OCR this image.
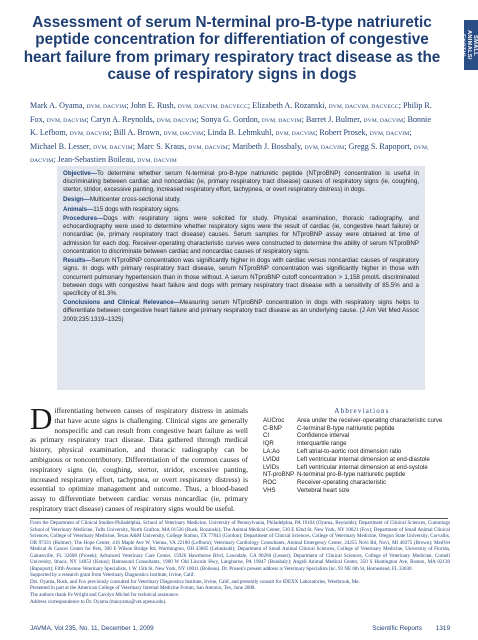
Assessment of serum N-terminal pro-B-type natriuretic peptide concentration for differentiation of congestive heart failure from primary respiratory tract disease as the cause of respiratory signs in dogs
SMALL ANIMALS/ EXOTIC
Mark A. Oyama, DVM, DACVIM; John E. Rush, DVM, DACVIM, DACVECC; Elizabeth A. Rozanski, DVM, DACVIM, DACVECC; Philip R. Fox, DVM, DACVIM; Caryn A. Reynolds, DVM, DACVIM; Sonya G. Gordon, DVM, DACVIM; Barret J. Bulmer, DVM, DACVIM; Bonnie K. Lefbom, DVM, DACVIM; Bill A. Brown, DVM, DACVIM; Linda B. Lehmkuhl, DVM, DACVIM; Robert Prosek, DVM, DACVIM; Michael B. Lesser, DVM, DACVIM; Marc S. Kraus, DVM, DACVIM; Maribeth J. Bossbaly, DVM, DACVIM; Gregg S. Rapoport, DVM, DACVIM; Jean-Sebastien Boileau, DVM, DACVIM

Objective—To determine whether serum N-terminal pro-B-type natriuretic peptide (NTproBNP) concentration is useful in discriminating between cardiac and noncardiac (ie, primary respiratory tract disease) causes of respiratory signs (ie, coughing, stertor, stridor, excessive panting, increased respiratory effort, tachypnea, or overt respiratory distress) in dogs.

Design—Multicenter cross-sectional study.

Animals—115 dogs with respiratory signs.

Procedures—Dogs with respiratory signs were solicited for study. Physical examination, thoracic radiography, and echocardiography were used to determine whether respiratory signs were the result of cardiac (ie, congestive heart failure) or noncardiac (ie, primary respiratory tract disease) causes. Serum samples for NTproBNP assay were obtained at time of admission for each dog. Receiver-operating characteristic curves were constructed to determine the ability of serum NTproBNP concentration to discriminate between cardiac and noncardiac causes of respiratory signs.

Results—Serum NTproBNP concentration was significantly higher in dogs with cardiac versus noncardiac causes of respiratory signs. In dogs with primary respiratory tract disease, serum NTproBNP concentration was significantly higher in those with concurrent pulmonary hypertension than in those without. A serum NTproBNP cutoff concentration > 1,158 pmol/L discriminated between dogs with congestive heart failure and dogs with primary respiratory tract disease with a sensitivity of 85.5% and a specificity of 81.3%.

Conclusions and Clinical Relevance—Measuring serum NTproBNP concentration in dogs with respiratory signs helps to differentiate between congestive heart failure and primary respiratory tract disease as an underlying cause. (J Am Vet Med Assoc 2009;235:1319–1325)

Differentiating between causes of respiratory distress in animals that have acute signs is challenging. Clinical signs are generally nonspecific and can result from congestive heart failure as well as primary respiratory tract disease. Data gathered through medical history, physical examination, and thoracic radiography can be ambiguous or noncontributory. Differentiation of the common causes of respiratory signs (ie, coughing, stertor, stridor, excessive panting, increased respiratory effort, tachypnea, or overt respiratory distress) is essential to optimize management and outcome. Thus, a blood-based assay to differentiate between cardiac versus noncardiac (ie, primary respiratory tract disease) causes of respiratory signs would be useful.
Abbreviations
AUCroc	Area under the receiver-operating characteristic curve
C-BNP	C-terminal B-type natriuretic peptide
CI	Confidence interval
IQR	Interquartile range
LA:Ao	Left atrial-to-aortic root dimension ratio
LVIDd	Left ventricular internal dimension at end-diastole
LVIDs	Left ventricular internal dimension at end-systole
NT-proBNP N-terminal pro-B-type natriuretic peptide
ROC	Receiver-operating characteristic
VHS	Vertebral heart size
From the Department of Clinical Studies-Philadelphia, School of Veterinary Medicine, University of Pennsylvania, Philadelphia, PA 19104 (Oyama, Reynolds); Department of Clinical Sciences, Cummings School of Veterinary Medicine, Tufts University, North Grafton, MA 01536 (Rush, Rozanski); The Animal Medical Center, 510 E 62nd St, New York, NY 10021 (Fox); Department of Small Animal Clinical Sciences, College of Veterinary Medicine, Texas A&M University, College Station, TX 77843 (Gordon); Department of Clinical Sciences, College of Veterinary Medicine, Oregon State University, Corvallis, OR 97331 (Bulmer); The Hope Center, 416 Maple Ave W, Vienna, VA 22180 (Lefbom); Veterinary Cardiology Consultants, Animal Emergency Center, 24255 Novi Rd, Novi, MI 48375 (Brown); MedVet Medical & Cancer Center for Pets, 300 E Wilson Bridge Rd, Worthington, OH 43085 (Lehmkuhl); Department of Small Animal Clinical Sciences, College of Veterinary Medicine, University of Florida, Gainesville, FL 32608 (Prosek); Advanced Veterinary Care Center, 15926 Hawthorne Blvd, Lawndale, CA 90260 (Lesser); Department of Clinical Sciences, College of Veterinary Medicine, Cornell University, Ithaca, NY 14853 (Kraus); Hamsound Consultants, 1900 W Old Lincoln Hwy, Langhorne, PA 19047 (Bossbaly); Angell Animal Medical Center, 350 S Huntington Ave, Boston, MA 02130 (Rapoport); Fifth Avenue Veterinary Specialists, 1 W 15th St, New York, NY 10011 (Boileau). Dr. Prosek's present address is Veterinary Specialists Inc, 93 NE 6th St, Homestead, FL 33030.
Supported by a research grant from Veterinary Diagnostics Institute, Irvine, Calif.
Drs. Oyama, Rush, and Fox previously consulted for Veterinary Diagnostics Institute, Irvine, Calif, and presently consult for IDEXX Laboratories, Westbrook, Me.
Presented in part at the American College of Veterinary Internal Medicine Forum, San Antonio, Tex, June 2008.
The authors thank Fe Wright and Carolyn Michel for technical assistance.
Address correspondence to Dr. Oyama (maoyama@vet.upenn.edu).
JAVMA, Vol 235, No. 11, December 1, 2009	Scientific Reports 1319
